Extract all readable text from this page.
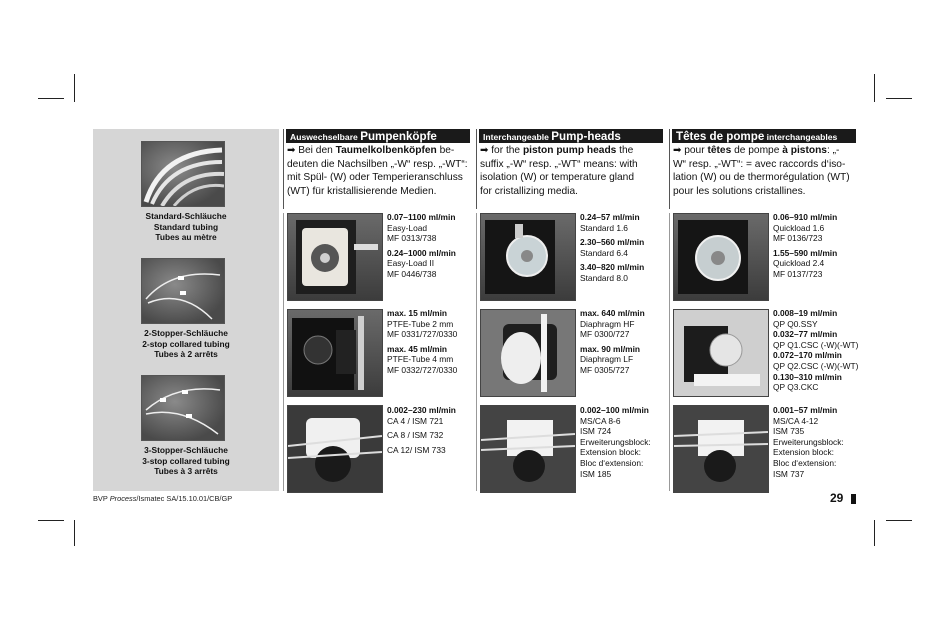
Standard-Schläuche
Standard tubing
Tubes au mètre
2-Stopper-Schläuche
2-stop collared tubing
Tubes à 2 arrêts
3-Stopper-Schläuche
3-stop collared tubing
Tubes à 3 arrêts
Auswechselbare Pumpenköpfe
➡ Bei den Taumelkolbenköpfen be-
deuten die Nachsilben „-W“ resp. „-WT“:
mit Spül- (W) oder Temperieranschluss
(WT) für kristallisierende Medien.
Interchangeable Pump-heads
➡ for the piston pump heads the
suffix „-W“ resp. „-WT“ means: with
isolation (W) or temperature gland
for cristallizing media.
Têtes de pompe interchangeables
➡ pour têtes de pompe à pistons: „-
W“ resp. „-WT“: = avec raccords d‘iso-
lation (W) ou de thermorégulation (WT)
pour les solutions cristallines.
0.07–1100 ml/min
Easy-Load
MF 0313/738
0.24–1000 ml/min
Easy-Load II
MF 0446/738
max. 15 ml/min
PTFE-Tube 2 mm
MF 0331/727/0330
max. 45 ml/min
PTFE-Tube 4 mm
MF 0332/727/0330
0.002–230 ml/min
CA 4 / ISM 721
CA 8 / ISM 732
CA 12/ ISM 733
0.24–57 ml/min
Standard 1.6
2.30–560 ml/min
Standard 6.4
3.40–820 ml/min
Standard 8.0
max. 640 ml/min
Diaphragm HF
MF 0300/727
max. 90 ml/min
Diaphragm LF
MF 0305/727
0.002–100 ml/min
MS/CA 8-6
ISM 724
Erweiterungsblock:
Extension block:
Bloc d‘extension:
ISM 185
0.06–910 ml/min
Quickload 1.6
MF 0136/723
1.55–590 ml/min
Quickload 2.4
MF 0137/723
0.008–19 ml/min
QP Q0.SSY
0.032–77 ml/min
QP Q1.CSC (-W)(-WT)
0.072–170 ml/min
QP Q2.CSC (-W)(-WT)
0.130–310 ml/min
QP Q3.CKC
0.001–57 ml/min
MS/CA 4-12
ISM 735
Erweiterungsblock:
Extension block:
Bloc d‘extension:
ISM 737
BVP Process/Ismatec SA/15.10.01/CB/GP	29
